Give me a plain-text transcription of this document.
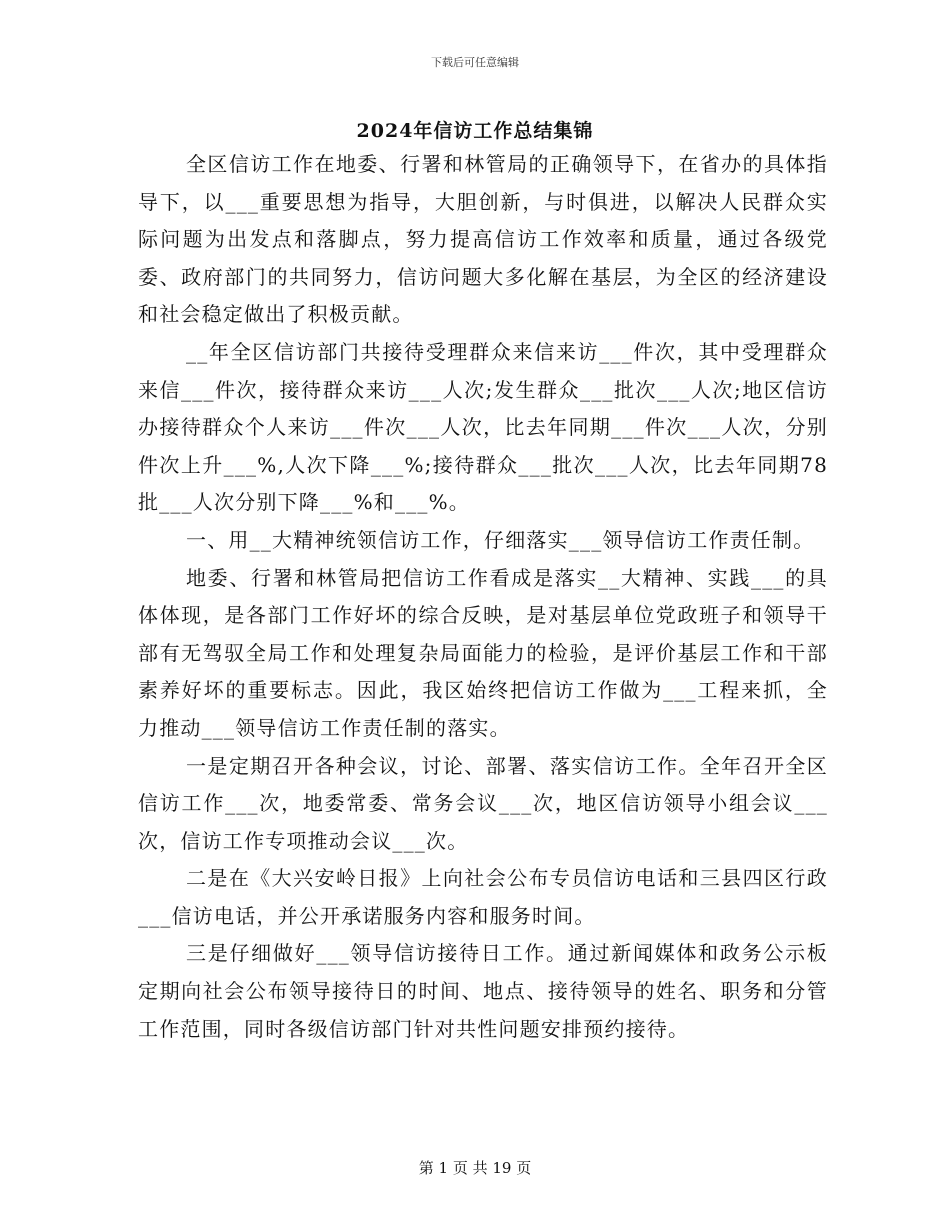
下载后可任意编辑
2024年信访工作总结集锦

全区信访工作在地委、行署和林管局的正确领导下，在省办的具体指导下，以___重要思想为指导，大胆创新，与时俱进，以解决人民群众实际问题为出发点和落脚点，努力提高信访工作效率和质量，通过各级党委、政府部门的共同努力，信访问题大多化解在基层，为全区的经济建设和社会稳定做出了积极贡献。

__年全区信访部门共接待受理群众来信来访___件次，其中受理群众来信___件次，接待群众来访___人次;发生群众___批次___人次;地区信访办接待群众个人来访___件次___人次，比去年同期___件次___人次，分别件次上升___%,人次下降___%;接待群众___批次___人次，比去年同期78批___人次分别下降___%和___%。

一、用__大精神统领信访工作，仔细落实___领导信访工作责任制。

地委、行署和林管局把信访工作看成是落实__大精神、实践___的具体体现，是各部门工作好坏的综合反映，是对基层单位党政班子和领导干部有无驾驭全局工作和处理复杂局面能力的检验，是评价基层工作和干部素养好坏的重要标志。因此，我区始终把信访工作做为___工程来抓，全力推动___领导信访工作责任制的落实。

一是定期召开各种会议，讨论、部署、落实信访工作。全年召开全区信访工作___次，地委常委、常务会议___次，地区信访领导小组会议___次，信访工作专项推动会议___次。

二是在《大兴安岭日报》上向社会公布专员信访电话和三县四区行政___信访电话，并公开承诺服务内容和服务时间。

三是仔细做好___领导信访接待日工作。通过新闻媒体和政务公示板定期向社会公布领导接待日的时间、地点、接待领导的姓名、职务和分管工作范围，同时各级信访部门针对共性问题安排预约接待。

第 1 页 共 19 页
